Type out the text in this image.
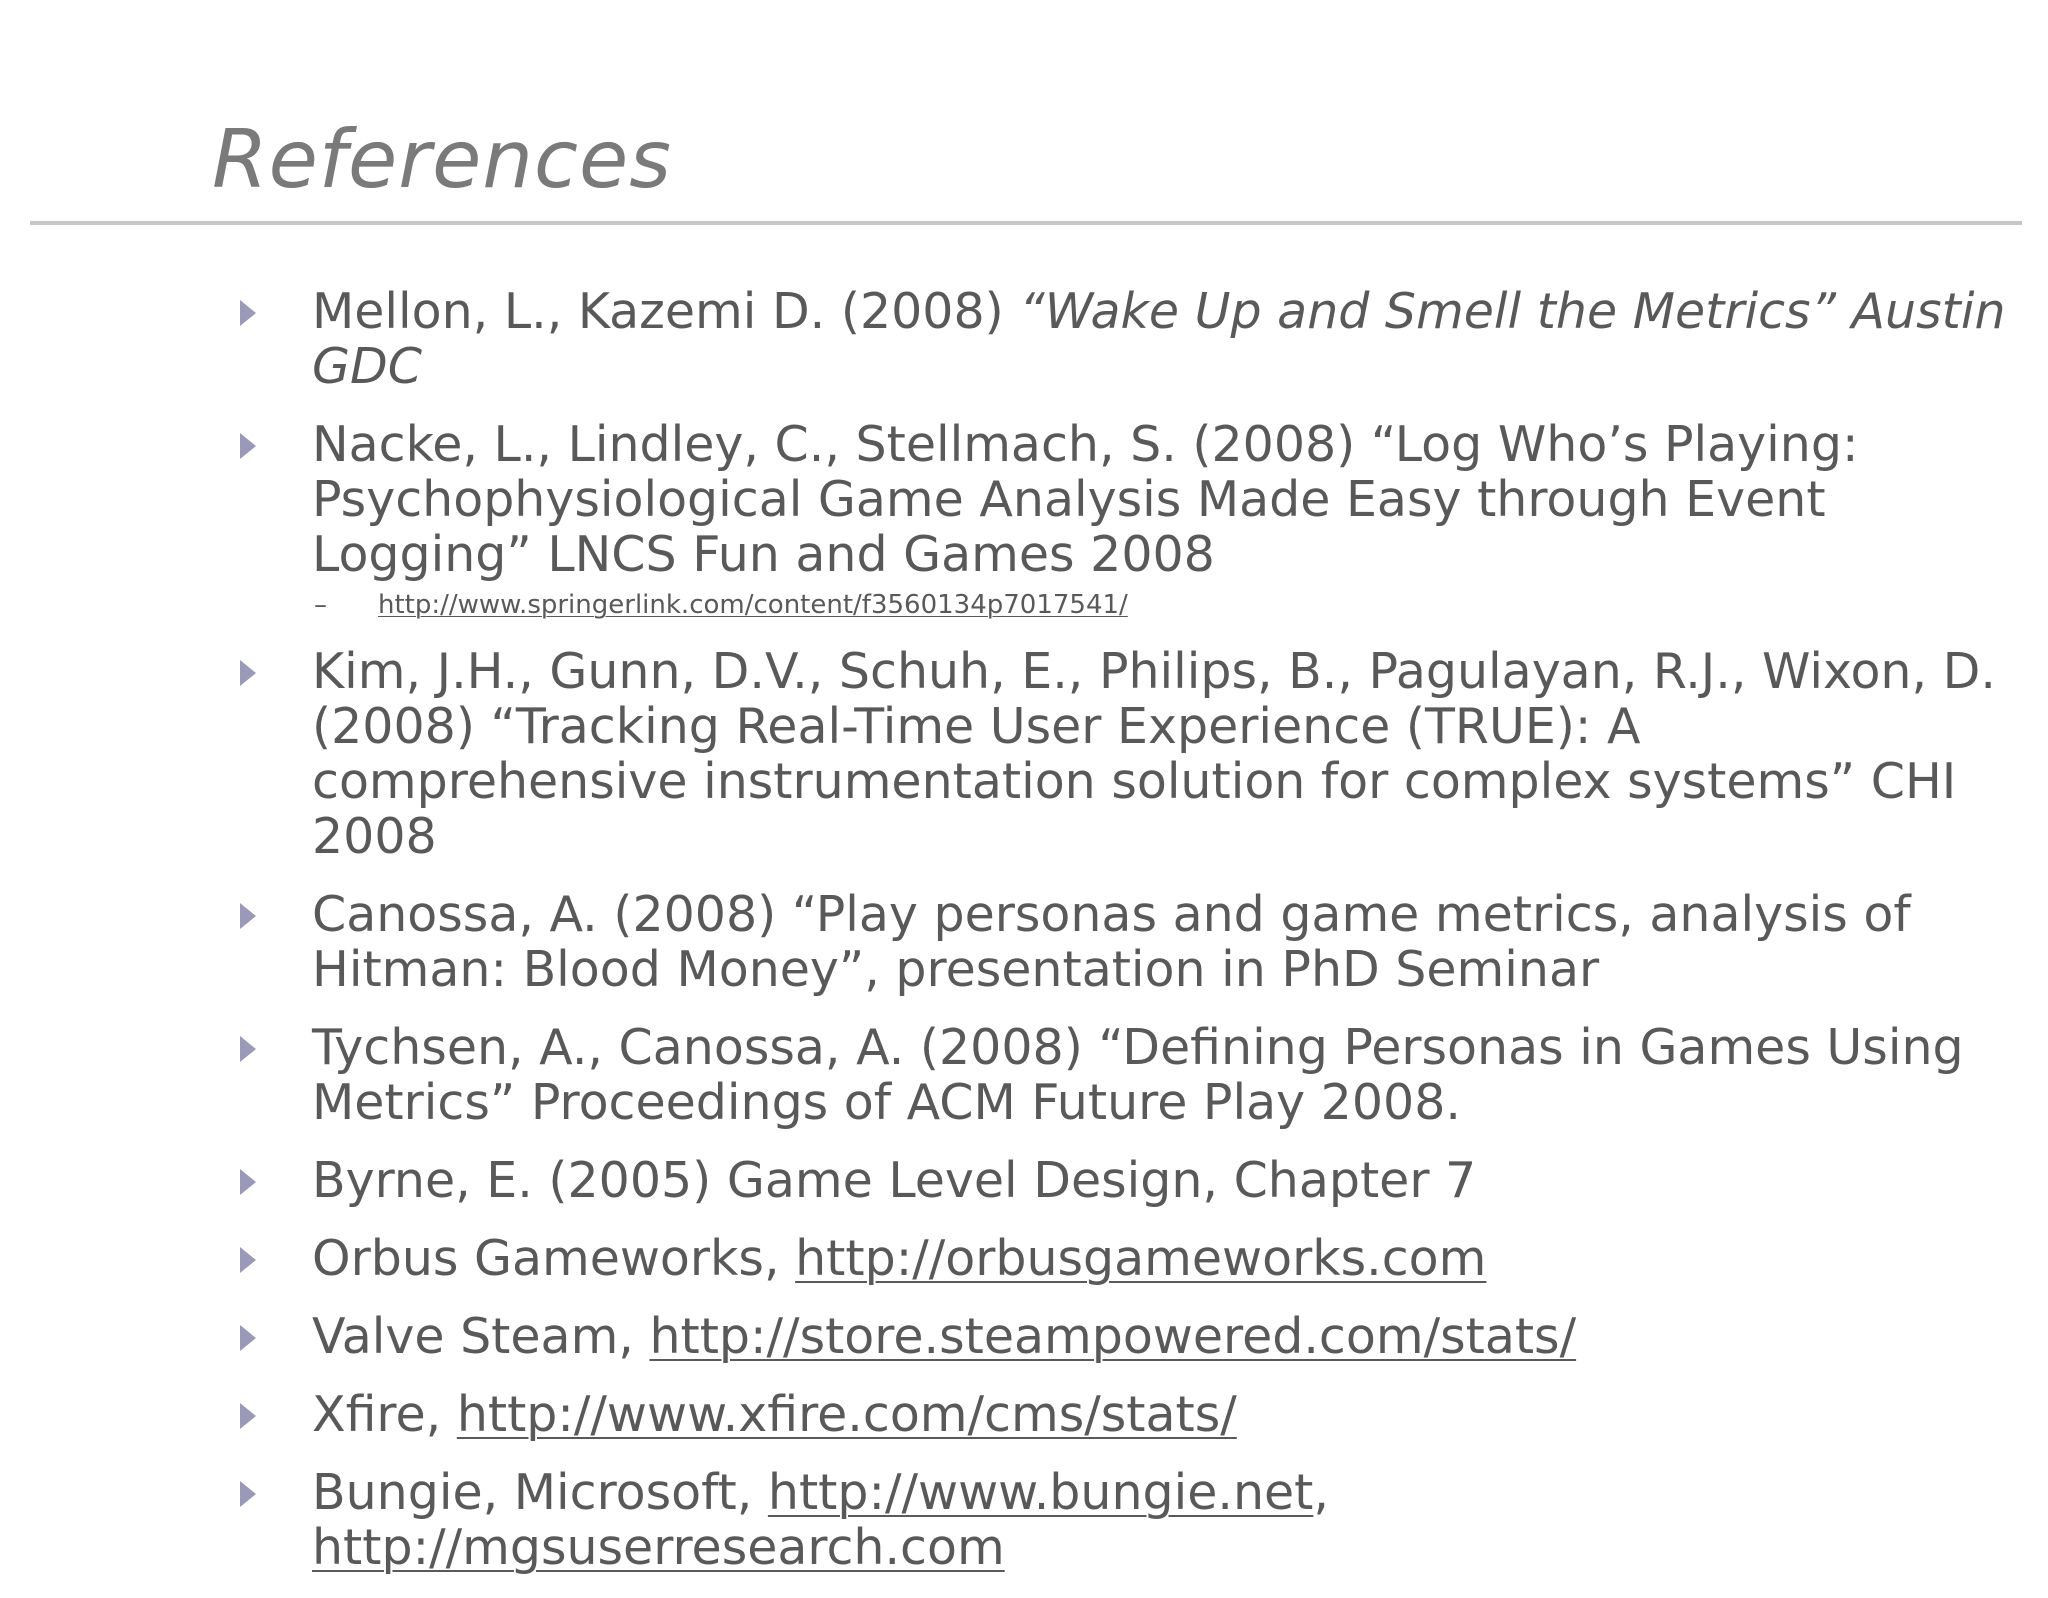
References
Mellon, L., Kazemi D. (2008) “Wake Up and Smell the Metrics” Austin GDC
Nacke, L., Lindley, C., Stellmach, S. (2008) “Log Who’s Playing: Psychophysiological Game Analysis Made Easy through Event Logging” LNCS Fun and Games 2008
– http://www.springerlink.com/content/f3560134p7017541/
Kim, J.H., Gunn, D.V., Schuh, E., Philips, B., Pagulayan, R.J., Wixon, D. (2008) “Tracking Real-Time User Experience (TRUE): A comprehensive instrumentation solution for complex systems” CHI 2008
Canossa, A. (2008) “Play personas and game metrics, analysis of Hitman: Blood Money”, presentation in PhD Seminar
Tychsen, A., Canossa, A. (2008) “Defining Personas in Games Using Metrics” Proceedings of ACM Future Play 2008.
Byrne, E. (2005) Game Level Design, Chapter 7
Orbus Gameworks, http://orbusgameworks.com
Valve Steam, http://store.steampowered.com/stats/
Xfire, http://www.xfire.com/cms/stats/
Bungie, Microsoft, http://www.bungie.net, http://mgsuserresearch.com
